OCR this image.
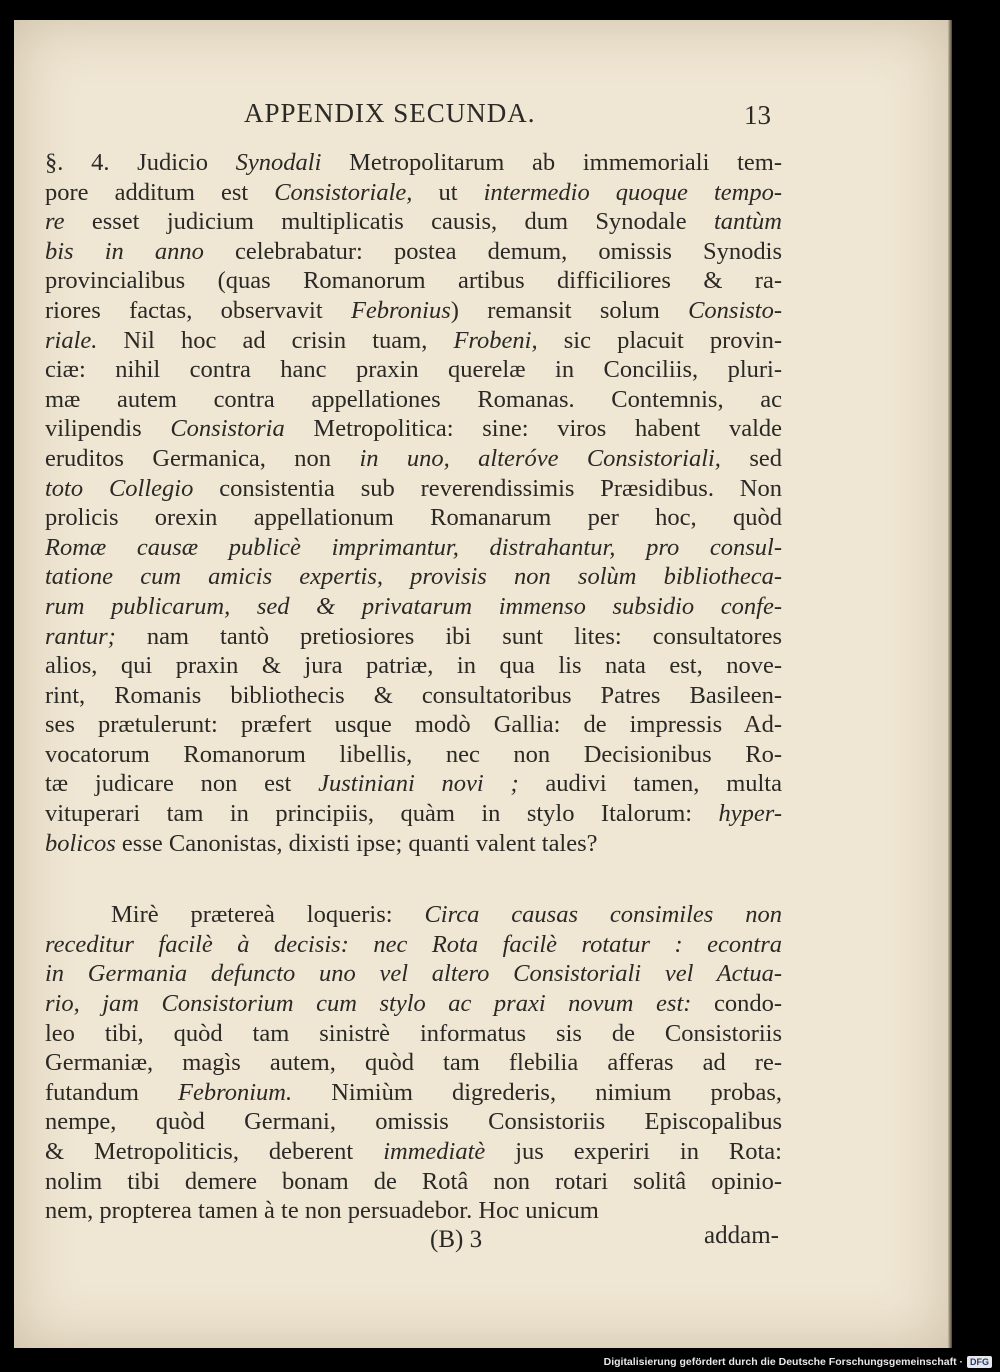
APPENDIX SECUNDA.	13
§. 4. Judicio Synodali Metropolitarum ab immemoriali tem-
pore additum est Consistoriale, ut intermedio quoque tempo-
re esset judicium multiplicatis causis, dum Synodale tantùm
bis in anno celebrabatur: postea demum, omissis Synodis
provincialibus (quas Romanorum artibus difficiliores & ra-
riores factas, observavit Febronius) remansit solum Consisto-
riale. Nil hoc ad crisin tuam, Frobeni, sic placuit provin-
ciæ: nihil contra hanc praxin querelæ in Conciliis, pluri-
mæ autem contra appellationes Romanas. Contemnis, ac
vilipendis Consistoria Metropolitica: sine: viros habent valde
eruditos Germanica, non in uno, alteróve Consistoriali, sed
toto Collegio consistentia sub reverendissimis Præsidibus. Non
prolicis orexin appellationum Romanarum per hoc, quòd
Romæ causæ publicè imprimantur, distrahantur, pro consul-
tatione cum amicis expertis, provisis non solùm bibliotheca-
rum publicarum, sed & privatarum immenso subsidio confe-
rantur; nam tantò pretiosiores ibi sunt lites: consultatores
alios, qui praxin & jura patriæ, in qua lis nata est, nove-
rint, Romanis bibliothecis & consultatoribus Patres Basileen-
ses prætulerunt: præfert usque modò Gallia: de impressis Ad-
vocatorum Romanorum libellis, nec non Decisionibus Ro-
tæ judicare non est Justiniani novi ; audivi tamen, multa
vituperari tam in principiis, quàm in stylo Italorum: hyper-
bolicos esse Canonistas, dixisti ipse; quanti valent tales?
Mirè prætereà loqueris: Circa causas consimiles non
receditur facilè à decisis: nec Rota facilè rotatur : econtra
in Germania defuncto uno vel altero Consistoriali vel Actua-
rio, jam Consistorium cum stylo ac praxi novum est: condo-
leo tibi, quòd tam sinistrè informatus sis de Consistoriis
Germaniæ, magìs autem, quòd tam flebilia afferas ad re-
futandum Febronium. Nimiùm digrederis, nimium probas,
nempe, quòd Germani, omissis Consistoriis Episcopalibus
& Metropoliticis, deberent immediatè jus experiri in Rota:
nolim tibi demere bonam de Rotâ non rotari solitâ opinio-
nem, propterea tamen à te non persuadebor. Hoc unicum
(B) 3	addam-
Digitalisierung gefördert durch die Deutsche Forschungsgemeinschaft · DFG
